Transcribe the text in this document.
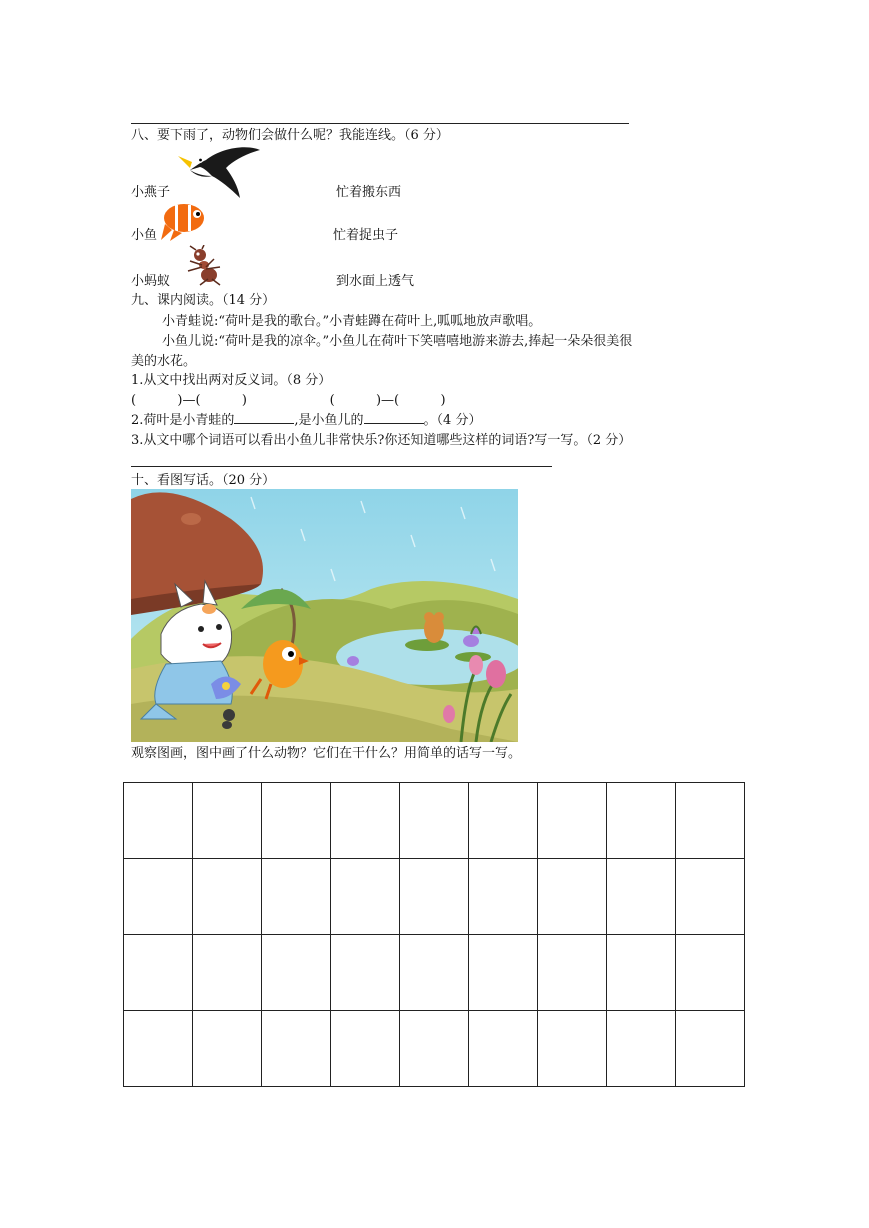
八、要下雨了，动物们会做什么呢？我能连线。（6 分）
小燕子	忙着搬东西
小鱼	忙着捉虫子
小蚂蚁	到水面上透气
九、课内阅读。（14 分）
小青蛙说:“荷叶是我的歌台。”小青蛙蹲在荷叶上,呱呱地放声歌唱。
小鱼儿说:“荷叶是我的凉伞。”小鱼儿在荷叶下笑嘻嘻地游来游去,捧起一朵朵很美很
美的水花。
1.从文中找出两对反义词。（8 分）
(          )—(          )                    (          )—(          )
2.荷叶是小青蛙的	,是小鱼儿的	。（4 分）
3.从文中哪个词语可以看出小鱼儿非常快乐?你还知道哪些这样的词语?写一写。（2 分）
十、看图写话。（20 分）
观察图画，图中画了什么动物？它们在干什么？用简单的话写一写。
